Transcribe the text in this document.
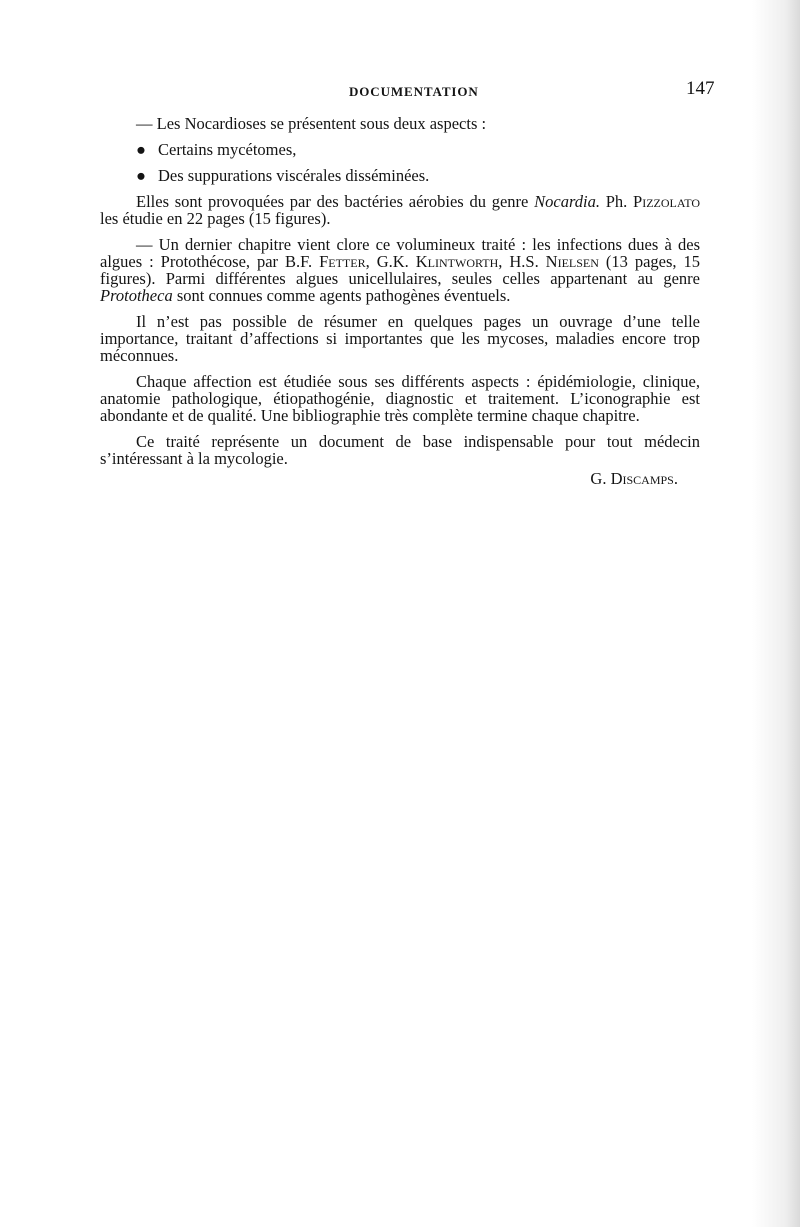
DOCUMENTATION	147

— Les Nocardioses se présentent sous deux aspects :

● Certains mycétomes,

● Des suppurations viscérales disséminées.

Elles sont provoquées par des bactéries aérobies du genre Nocardia. Ph. Pizzolato les étudie en 22 pages (15 figures).

— Un dernier chapitre vient clore ce volumineux traité : les infections dues à des algues : Protothécose, par B.F. Fetter, G.K. Klintworth, H.S. Nielsen (13 pages, 15 figures). Parmi différentes algues unicellulaires, seules celles appartenant au genre Prototheca sont connues comme agents pathogènes éventuels.

Il n’est pas possible de résumer en quelques pages un ouvrage d’une telle importance, traitant d’affections si importantes que les mycoses, maladies encore trop méconnues.

Chaque affection est étudiée sous ses différents aspects : épidémiologie, clinique, anatomie pathologique, étiopathogénie, diagnostic et traitement. L’iconographie est abondante et de qualité. Une bibliographie très complète termine chaque chapitre.

Ce traité représente un document de base indispensable pour tout médecin s’intéressant à la mycologie.

G. Discamps.
